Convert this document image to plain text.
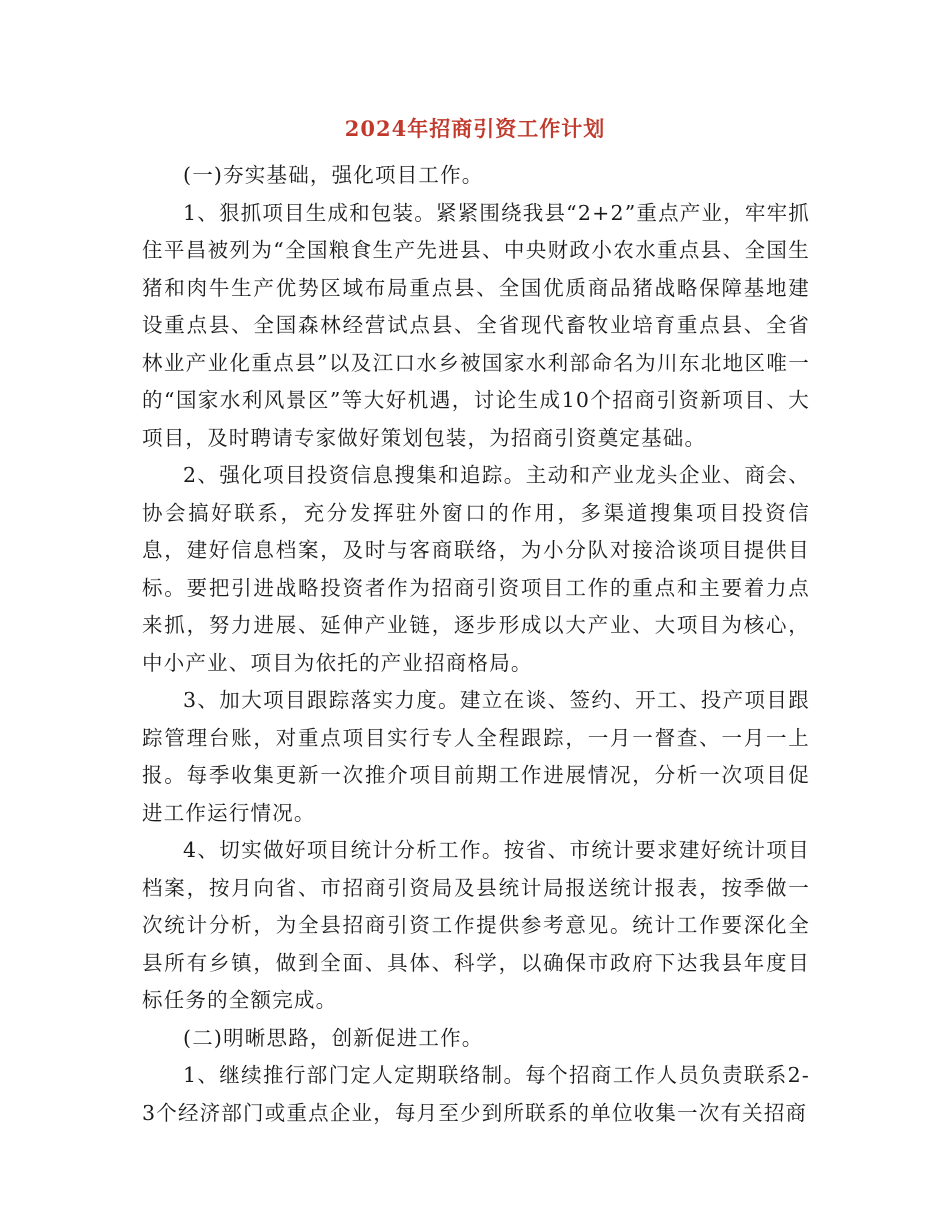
2024年招商引资工作计划

(一)夯实基础，强化项目工作。

1、狠抓项目生成和包装。紧紧围绕我县“2+2”重点产业，牢牢抓住平昌被列为“全国粮食生产先进县、中央财政小农水重点县、全国生猪和肉牛生产优势区域布局重点县、全国优质商品猪战略保障基地建设重点县、全国森林经营试点县、全省现代畜牧业培育重点县、全省林业产业化重点县”以及江口水乡被国家水利部命名为川东北地区唯一的“国家水利风景区”等大好机遇，讨论生成10个招商引资新项目、大项目，及时聘请专家做好策划包装，为招商引资奠定基础。

2、强化项目投资信息搜集和追踪。主动和产业龙头企业、商会、协会搞好联系，充分发挥驻外窗口的作用，多渠道搜集项目投资信息，建好信息档案，及时与客商联络，为小分队对接洽谈项目提供目标。要把引进战略投资者作为招商引资项目工作的重点和主要着力点来抓，努力进展、延伸产业链，逐步形成以大产业、大项目为核心，中小产业、项目为依托的产业招商格局。

3、加大项目跟踪落实力度。建立在谈、签约、开工、投产项目跟踪管理台账，对重点项目实行专人全程跟踪，一月一督查、一月一上报。每季收集更新一次推介项目前期工作进展情况，分析一次项目促进工作运行情况。

4、切实做好项目统计分析工作。按省、市统计要求建好统计项目档案，按月向省、市招商引资局及县统计局报送统计报表，按季做一次统计分析，为全县招商引资工作提供参考意见。统计工作要深化全县所有乡镇，做到全面、具体、科学，以确保市政府下达我县年度目标任务的全额完成。

(二)明晰思路，创新促进工作。

1、继续推行部门定人定期联络制。每个招商工作人员负责联系2-3个经济部门或重点企业，每月至少到所联系的单位收集一次有关招商
